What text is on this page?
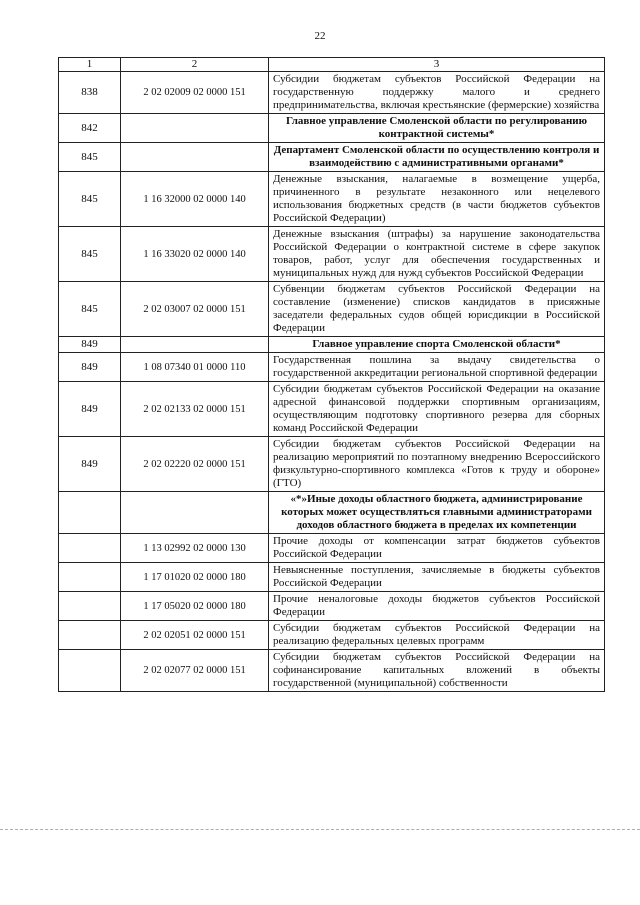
22
1	2	3
838	2 02 02009 02 0000 151	Субсидии бюджетам субъектов Российской Федерации на государственную поддержку малого и среднего предпринимательства, включая крестьянские (фермерские) хозяйства
842		Главное управление Смоленской области по регулированию контрактной системы*
845		Департамент Смоленской области по осуществлению контроля и взаимодействию с административными органами*
845	1 16 32000 02 0000 140	Денежные взыскания, налагаемые в возмещение ущерба, причиненного в результате незаконного или нецелевого использования бюджетных средств (в части бюджетов субъектов Российской Федерации)
845	1 16 33020 02 0000 140	Денежные взыскания (штрафы) за нарушение законодательства Российской Федерации о контрактной системе в сфере закупок товаров, работ, услуг для обеспечения государственных и муниципальных нужд для нужд субъектов Российской Федерации
845	2 02 03007 02 0000 151	Субвенции бюджетам субъектов Российской Федерации на составление (изменение) списков кандидатов в присяжные заседатели федеральных судов общей юрисдикции в Российской Федерации
849		Главное управление спорта Смоленской области*
849	1 08 07340 01 0000 110	Государственная пошлина за выдачу свидетельства о государственной аккредитации региональной спортивной федерации
849	2 02 02133 02 0000 151	Субсидии бюджетам субъектов Российской Федерации на оказание адресной финансовой поддержки спортивным организациям, осуществляющим подготовку спортивного резерва для сборных команд Российской Федерации
849	2 02 02220 02 0000 151	Субсидии бюджетам субъектов Российской Федерации на реализацию мероприятий по поэтапному внедрению Всероссийского физкультурно-спортивного комплекса «Готов к труду и обороне» (ГТО)
		«*»Иные доходы областного бюджета, администрирование которых может осуществляться главными администраторами доходов областного бюджета в пределах их компетенции
	1 13 02992 02 0000 130	Прочие доходы от компенсации затрат бюджетов субъектов Российской Федерации
	1 17 01020 02 0000 180	Невыясненные поступления, зачисляемые в бюджеты субъектов Российской Федерации
	1 17 05020 02 0000 180	Прочие неналоговые доходы бюджетов субъектов Российской Федерации
	2 02 02051 02 0000 151	Субсидии бюджетам субъектов Российской Федерации на реализацию федеральных целевых программ
	2 02 02077 02 0000 151	Субсидии бюджетам субъектов Российской Федерации на софинансирование капитальных вложений в объекты государственной (муниципальной) собственности
